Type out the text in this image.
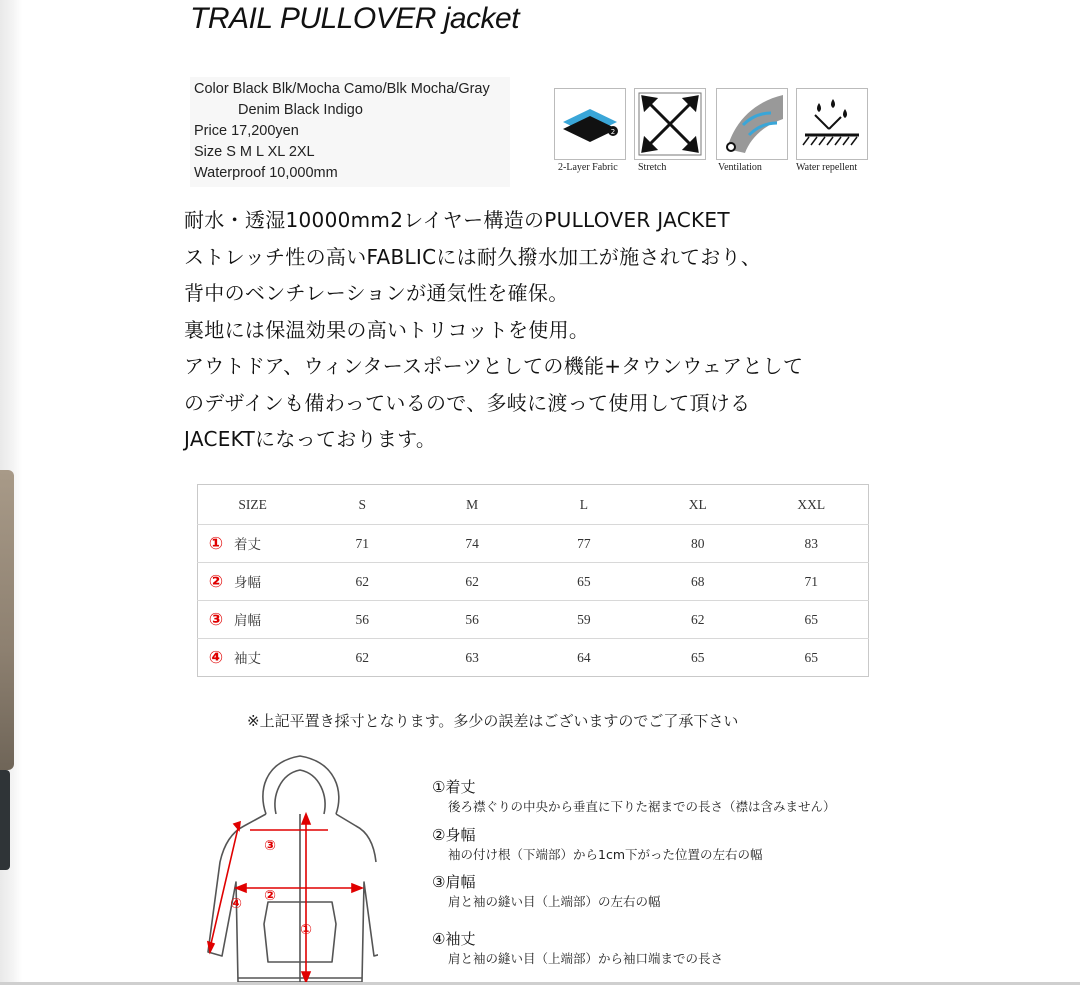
TRAIL PULLOVER jacket
Color Black Blk/Mocha Camo/Blk Mocha/Gray
Denim Black Indigo
Price 17,200yen
Size S M L XL 2XL
Waterproof 10,000mm
2
2-Layer Fabric Stretch	Ventilation	Water repellent
耐水・透湿10000mm2レイヤー構造のPULLOVER JACKET
ストレッチ性の高いFABLICには耐久撥水加工が施されており、
背中のベンチレーションが通気性を確保。
裏地には保温効果の高いトリコットを使用。
アウトドア、ウィンタースポーツとしての機能+タウンウェアとして
のデザインも備わっているので、多岐に渡って使用して頂ける
JACEKTになっております。
SIZE	S	M	L	XL	XXL
① 着丈	71	74	77	80	83
② 身幅	62	62	65	68	71
③ 肩幅	56	56	59	62	65
④ 袖丈	62	63	64	65	65
※上記平置き採寸となります。多少の誤差はございますのでご了承下さい
①
②
③
④
①着丈
後ろ襟ぐりの中央から垂直に下りた裾までの長さ（襟は含みません）
②身幅
袖の付け根（下端部）から1cm下がった位置の左右の幅
③肩幅
肩と袖の縫い目（上端部）の左右の幅
④袖丈
肩と袖の縫い目（上端部）から袖口端までの長さ
